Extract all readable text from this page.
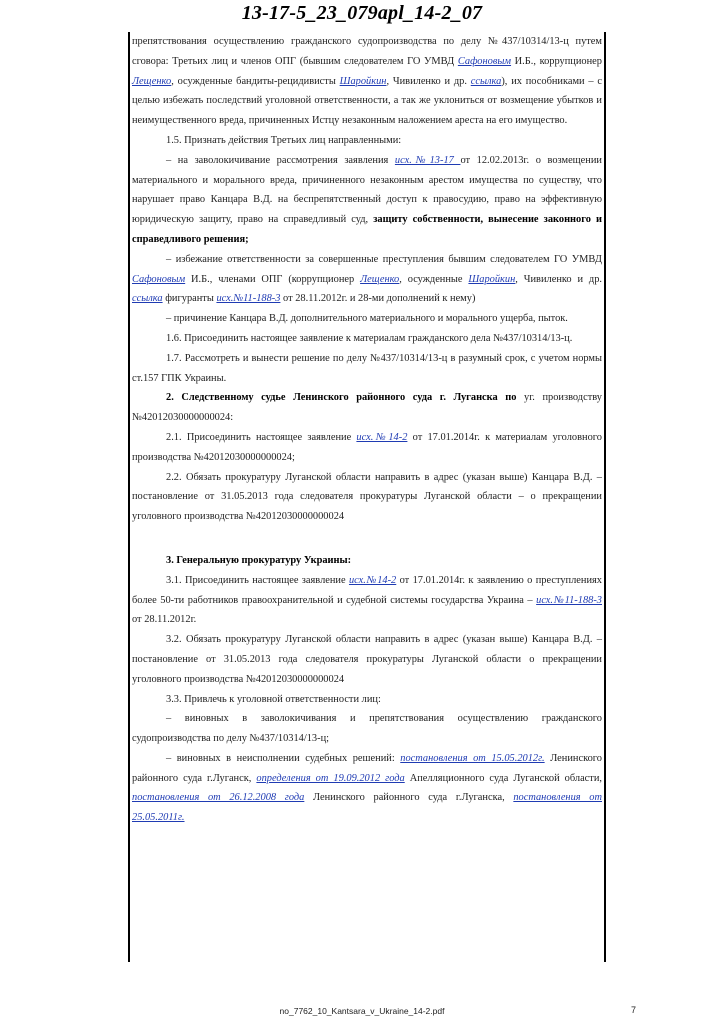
13-17-5_23_079apl_14-2_07

препятствования осуществлению гражданского судопроизводства по делу №437/10314/13-ц путем сговора: Третьих лиц и членов ОПГ (бывшим следователем ГО УМВД Сафоновым И.Б., коррупционер Лещенко, осужденные бандиты-рецидивисты Шаройкин, Чивиленко и др. ссылка), их пособниками – с целью избежать последствий уголовной ответственности, а так же уклониться от возмещение убытков и неимущественного вреда, причиненных Истцу незаконным наложением ареста на его имущество.

1.5. Признать действия Третьих лиц направленными:

– на заволокичивание рассмотрения заявления исх.№13-17 от 12.02.2013г. о возмещении материального и морального вреда, причиненного незаконным арестом имущества по существу, что нарушает право Канцара В.Д. на беспрепятственный доступ к правосудию, право на эффективную юридическую защиту, право на справедливый суд, защиту собственности, вынесение законного и справедливого решения;

– избежание ответственности за совершенные преступления бывшим следователем ГО УМВД Сафоновым И.Б., членами ОПГ (коррупционер Лещенко, осужденные Шаройкин, Чивиленко и др. ссылка фигуранты исх.№11-188-3 от 28.11.2012г. и 28-ми дополнений к нему)

– причинение Канцара В.Д. дополнительного материального и морального ущерба, пыток.

1.6. Присоединить настоящее заявление к материалам гражданского дела №437/10314/13-ц.

1.7. Рассмотреть и вынести решение по делу №437/10314/13-ц в разумный срок, с учетом нормы ст.157 ГПК Украины.

2. Следственному судье Ленинского районного суда г. Луганска по уг. производству №42012030000000024:

2.1. Присоединить настоящее заявление исх.№14-2 от 17.01.2014г. к материалам уголовного производства №42012030000000024;

2.2. Обязать прокуратуру Луганской области направить в адрес (указан выше) Канцара В.Д. – постановление от 31.05.2013 года следователя прокуратуры Луганской области – о прекращении уголовного производства №42012030000000024

3. Генеральную прокуратуру Украины:

3.1. Присоединить настоящее заявление исх.№14-2 от 17.01.2014г. к заявлению о преступлениях более 50-ти работников правоохранительной и судебной системы государства Украина – исх.№11-188-3 от 28.11.2012г.

3.2. Обязать прокуратуру Луганской области направить в адрес (указан выше) Канцара В.Д. – постановление от 31.05.2013 года следователя прокуратуры Луганской области о прекращении уголовного производства №42012030000000024

3.3. Привлечь к уголовной ответственности лиц:

– виновных в заволокичивания и препятствования осуществлению гражданского судопроизводства по делу №437/10314/13-ц;

– виновных в неисполнении судебных решений: постановления от 15.05.2012г. Ленинского районного суда г.Луганск, определения от 19.09.2012 года Апелляционного суда Луганской области, постановления от 26.12.2008 года Ленинского районного суда г.Луганска, постановления от 25.05.2011г.

no_7762_10_Kantsara_v_Ukraine_14-2.pdf	7
